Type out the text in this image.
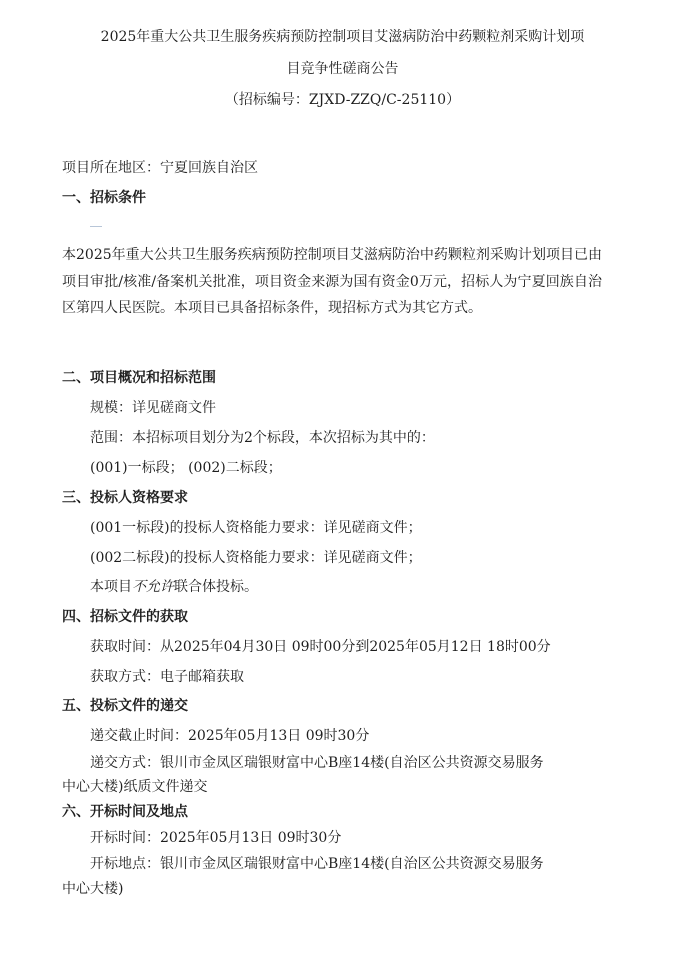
2025年重大公共卫生服务疾病预防控制项目艾滋病防治中药颗粒剂采购计划项
目竞争性磋商公告
（招标编号：ZJXD-ZZQ/C-25110）
项目所在地区：宁夏回族自治区
一、招标条件
本2025年重大公共卫生服务疾病预防控制项目艾滋病防治中药颗粒剂采购计划项目已由项目审批/核准/备案机关批准，项目资金来源为国有资金0万元，招标人为宁夏回族自治区第四人民医院。本项目已具备招标条件，现招标方式为其它方式。
二、项目概况和招标范围
规模：详见磋商文件
范围：本招标项目划分为2个标段，本次招标为其中的：
(001)一标段； (002)二标段；
三、投标人资格要求
(001一标段)的投标人资格能力要求：详见磋商文件；
(002二标段)的投标人资格能力要求：详见磋商文件；
本项目不允许联合体投标。
四、招标文件的获取
获取时间：从2025年04月30日 09时00分到2025年05月12日 18时00分
获取方式：电子邮箱获取
五、投标文件的递交
递交截止时间：2025年05月13日 09时30分
递交方式：银川市金凤区瑞银财富中心B座14楼(自治区公共资源交易服务
中心大楼)纸质文件递交
六、开标时间及地点
开标时间：2025年05月13日 09时30分
开标地点：银川市金凤区瑞银财富中心B座14楼(自治区公共资源交易服务
中心大楼)
